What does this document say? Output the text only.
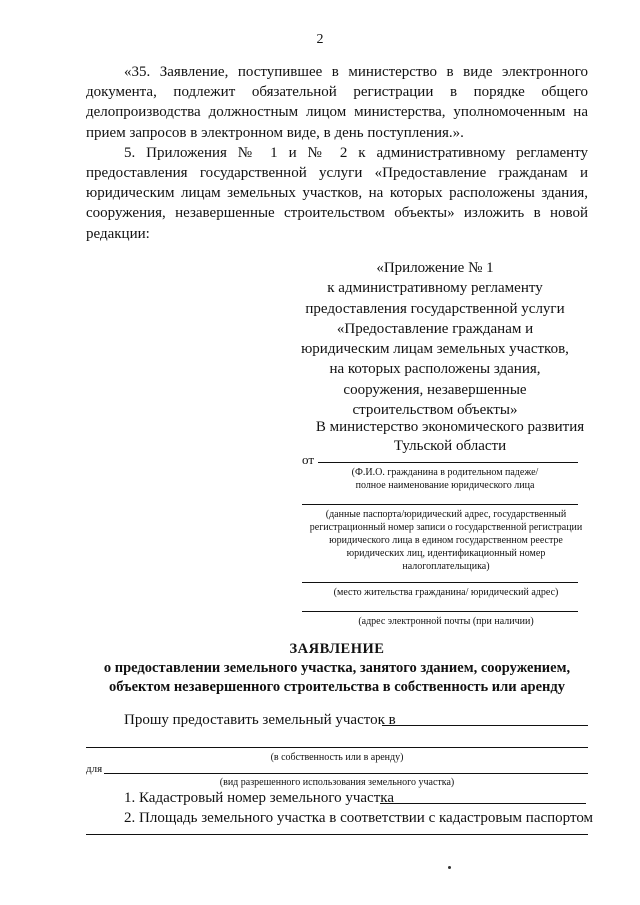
2

«35. Заявление, поступившее в министерство в виде электронного документа, подлежит обязательной регистрации в порядке общего делопроизводства должностным лицом министерства, уполномоченным на прием запросов в электронном виде, в день поступления.».

5. Приложения № 1 и № 2 к административному регламенту предоставления государственной услуги «Предоставление гражданам и юридическим лицам земельных участков, на которых расположены здания, сооружения, незавершенные строительством объекты» изложить в новой редакции:

«Приложение № 1
к административному регламенту
предоставления государственной услуги
«Предоставление гражданам и
юридическим лицам земельных участков,
на которых расположены здания,
сооружения, незавершенные
строительством объекты»
В министерство экономического развития
Тульской области
от
(Ф.И.О. гражданина в родительном падеже/
полное наименование юридического лица
(данные паспорта/юридический адрес, государственный
регистрационный номер записи о государственной регистрации
юридического лица в едином государственном реестре
юридических лиц, идентификационный номер
налогоплательщика)
(место жительства гражданина/ юридический адрес)
(адрес электронной почты (при наличии)
ЗАЯВЛЕНИЕ
о предоставлении земельного участка, занятого зданием, сооружением,
объектом незавершенного строительства в собственность или аренду
Прошу предоставить земельный участок в
(в собственность или в аренду)
для
(вид разрешенного использования земельного участка)
1. Кадастровый номер земельного участка
2. Площадь земельного участка в соответствии с кадастровым паспортом
